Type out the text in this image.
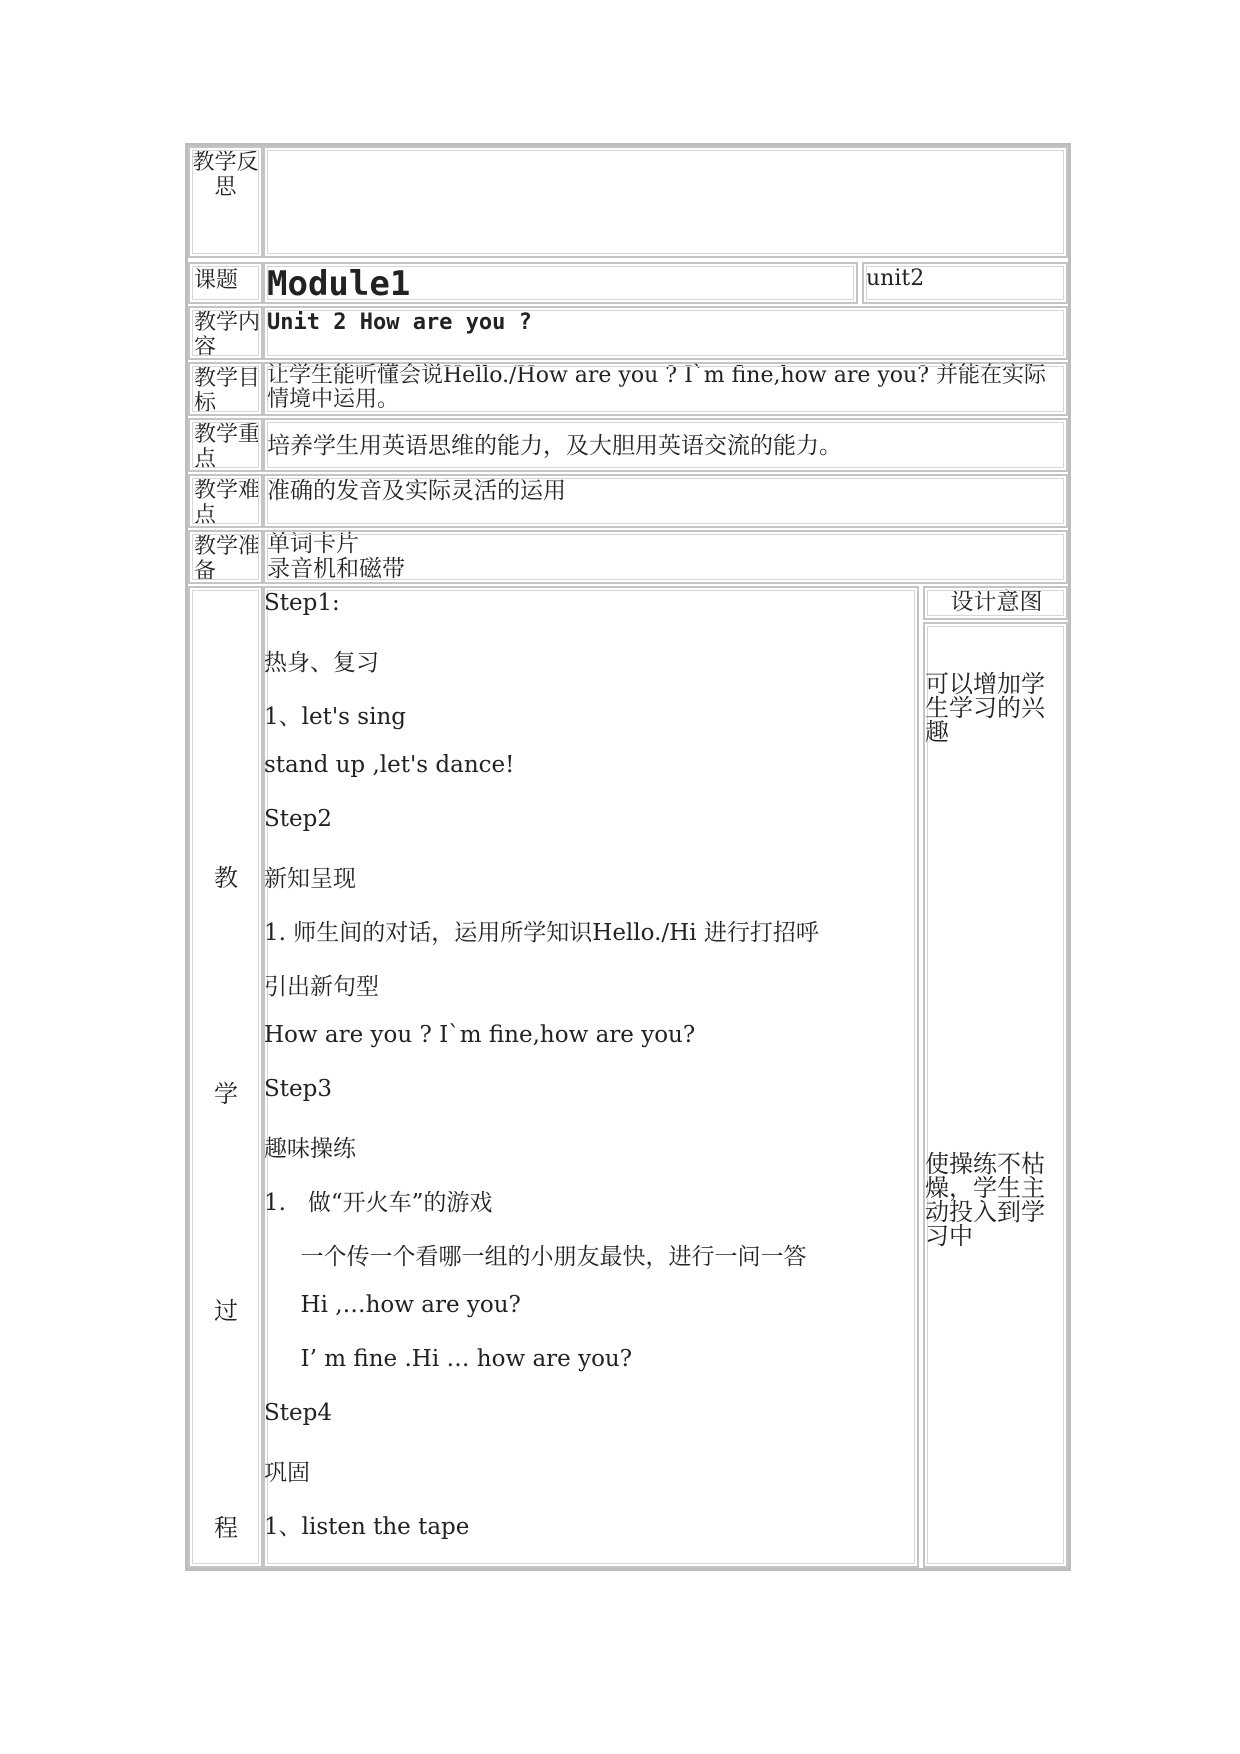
教学反思
课题 Module1	unit2
教学内容
Unit 2 How are you ?
教学目标
让学生能听懂会说Hello./How are you ? I`m fine,how are you? 并能在实际情境中运用。
教学重点
培养学生用英语思维的能力，及大胆用英语交流的能力。
教学难点
准确的发音及实际灵活的运用
教学准备
单词卡片
录音机和磁带
设计意图
教
学
过
程
Step1:
热身、复习
1、let's sing
stand up ,let's dance!
Step2
新知呈现
1. 师生间的对话，运用所学知识Hello./Hi 进行打招呼
引出新句型
How are you ? I`m fine,how are you?
Step3
趣味操练
1.   做“开火车”的游戏
一个传一个看哪一组的小朋友最快，进行一问一答
Hi ,…how are you?
I’ m fine .Hi … how are you?
Step4
巩固
1、listen the tape
可以增加学生学习的兴趣
使操练不枯燥，学生主动投入到学习中
